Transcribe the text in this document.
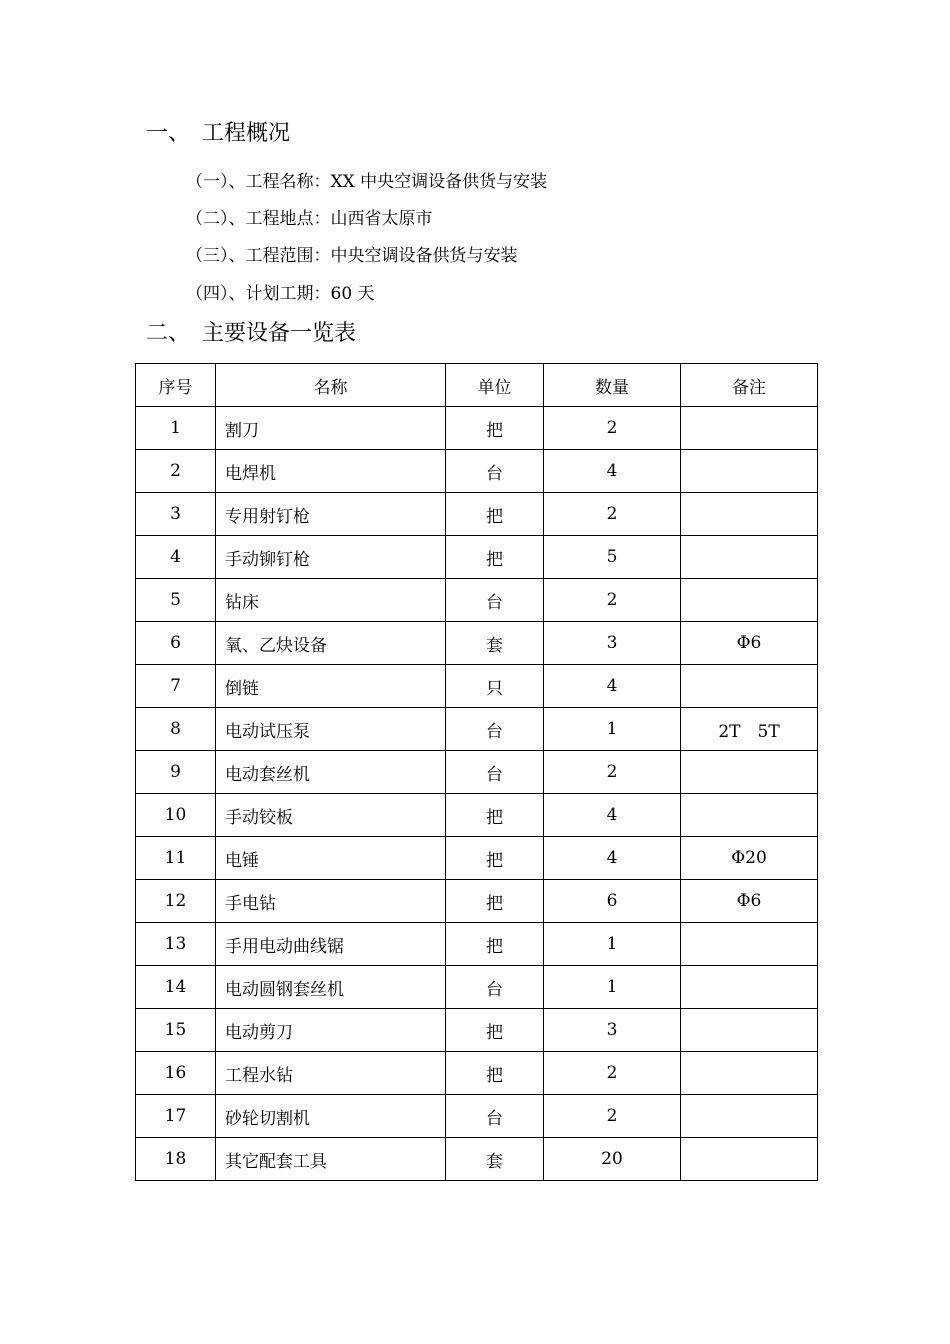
一、 工程概况
（一）、工程名称：XX 中央空调设备供货与安装
（二）、工程地点：山西省太原市
（三）、工程范围：中央空调设备供货与安装
（四）、计划工期：60 天
二、 主要设备一览表
序号	名称	单位	数量	备注
1	割刀	把	2	
2	电焊机	台	4	
3	专用射钉枪	把	2	
4	手动铆钉枪	把	5	
5	钻床	台	2	
6	氧、乙炔设备	套	3	Φ6
7	倒链	只	4	
8	电动试压泵	台	1	2T　5T
9	电动套丝机	台	2	
10	手动铰板	把	4	
11	电锤	把	4	Φ20
12	手电钻	把	6	Φ6
13	手用电动曲线锯	把	1	
14	电动圆钢套丝机	台	1	
15	电动剪刀	把	3	
16	工程水钻	把	2	
17	砂轮切割机	台	2	
18	其它配套工具	套	20	
